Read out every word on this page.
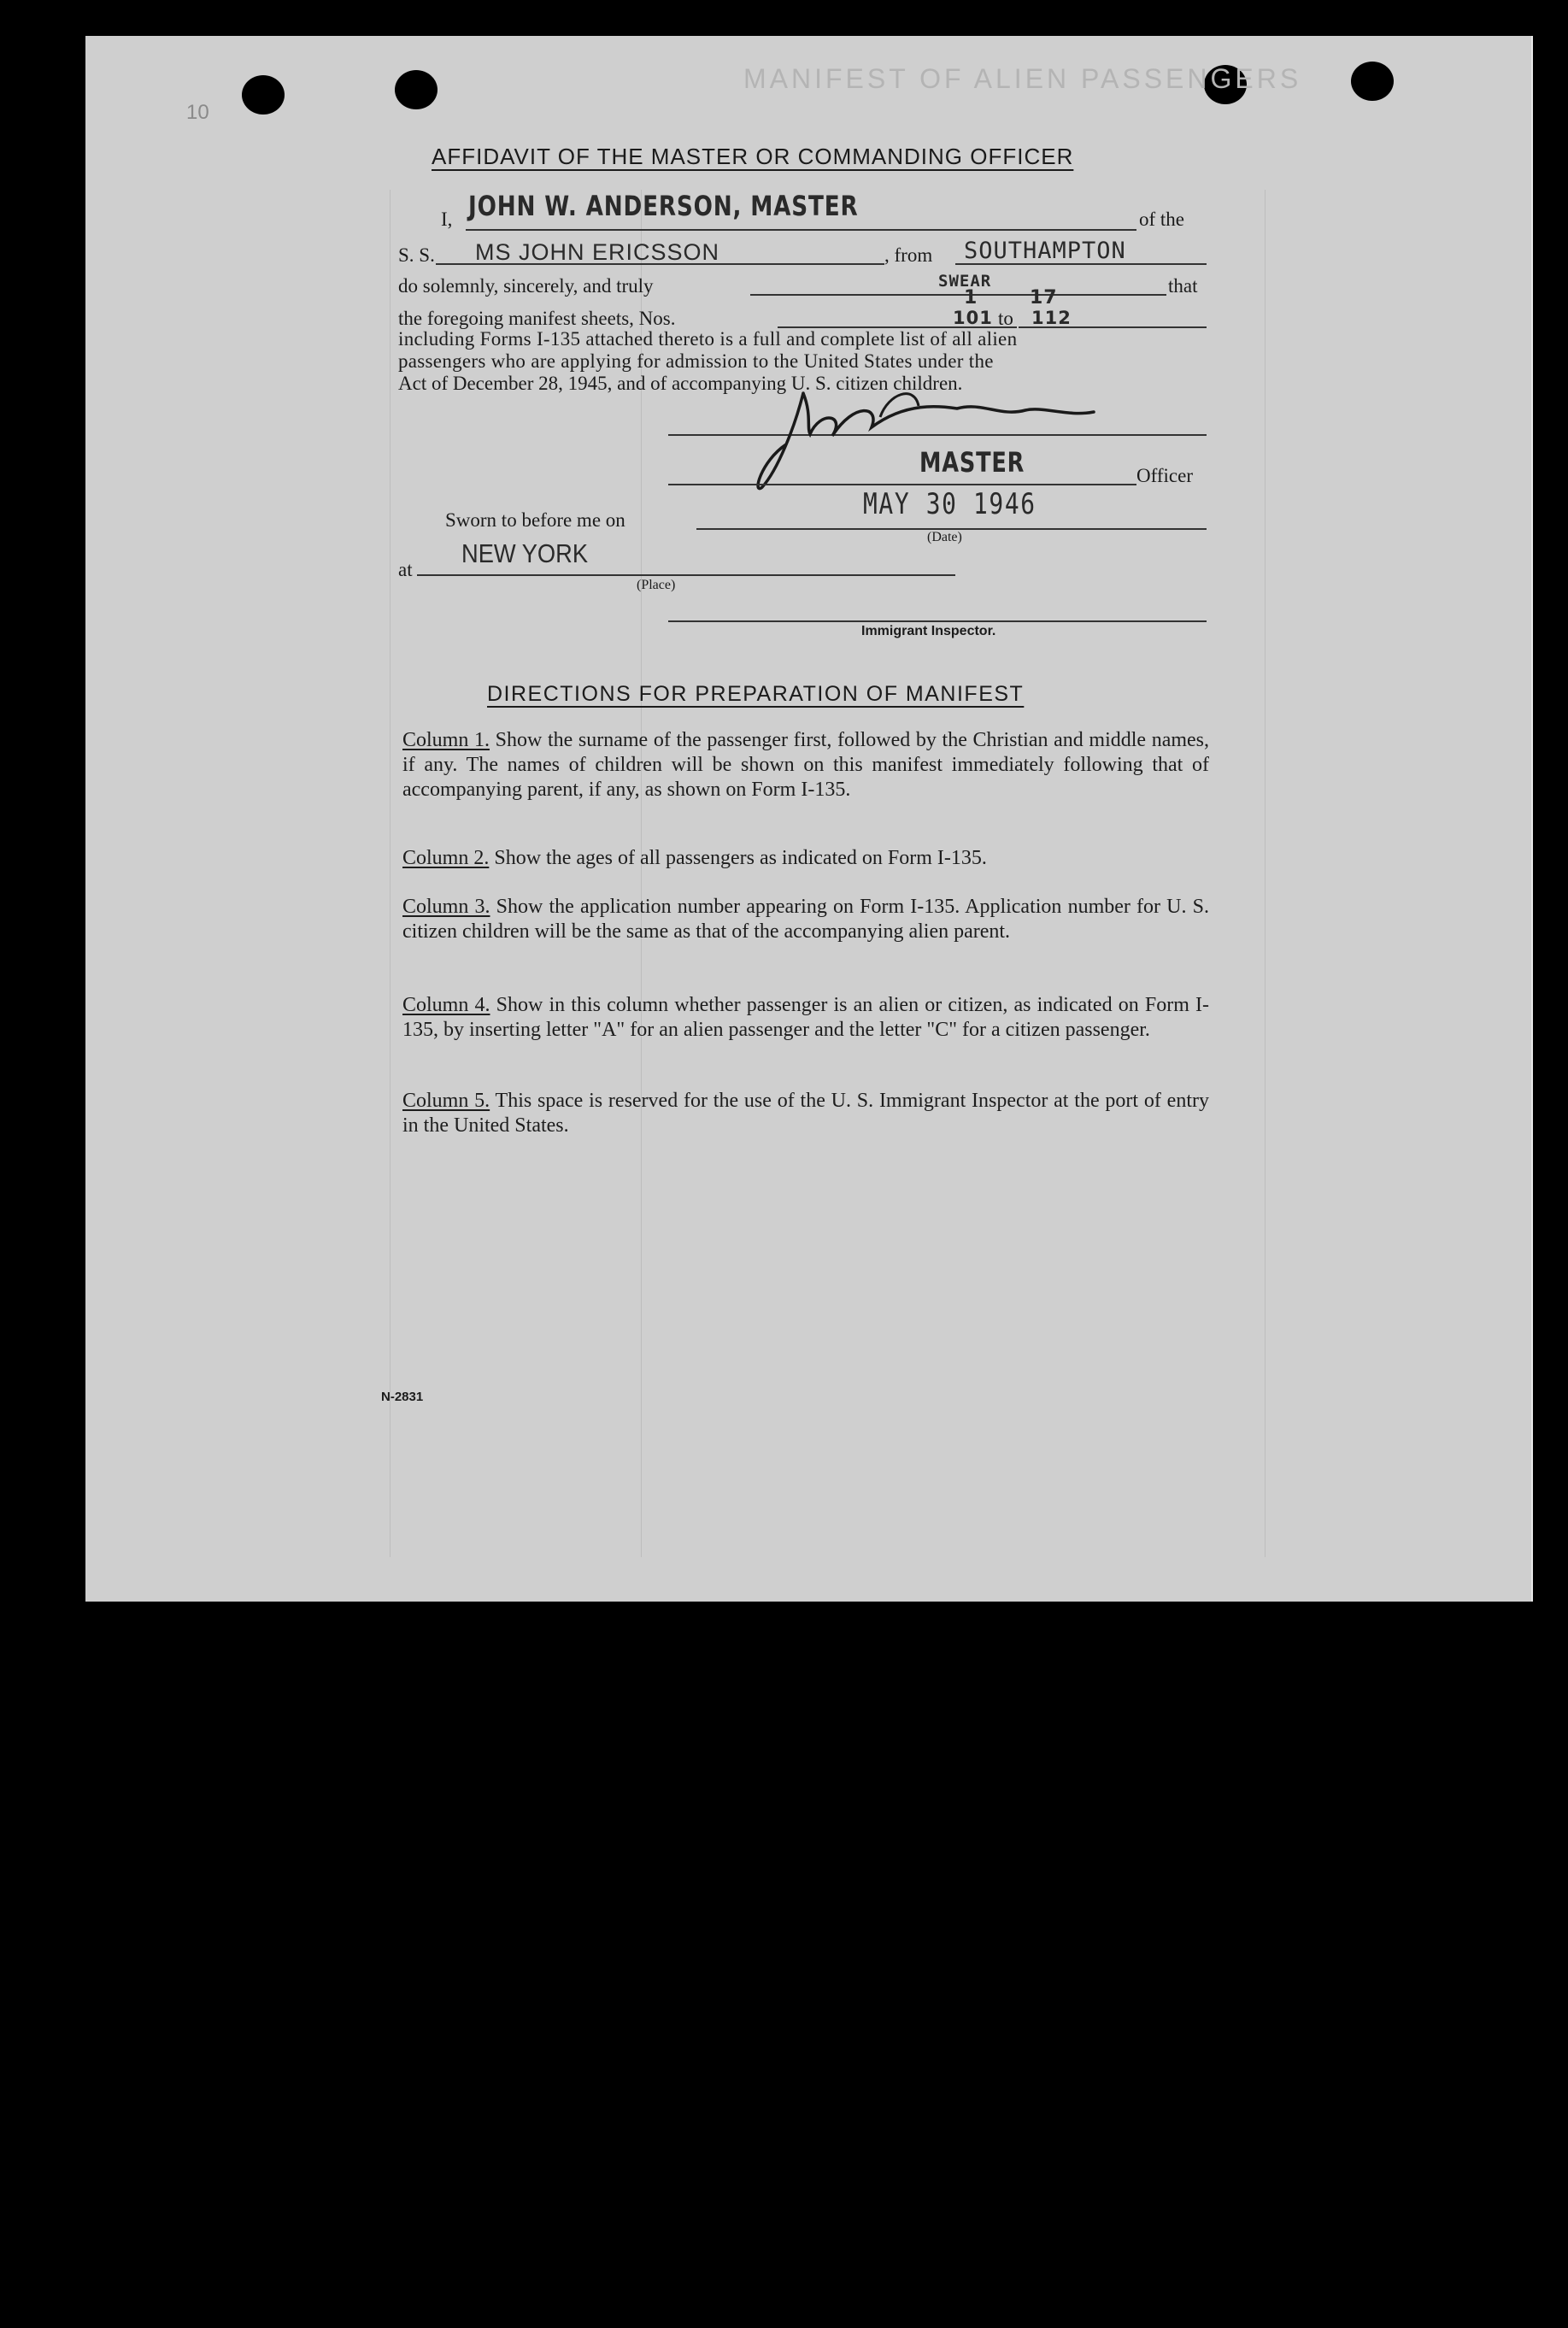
MANIFEST OF ALIEN PASSENGERS
10
AFFIDAVIT OF THE MASTER OR COMMANDING OFFICER
I, JOHN W. ANDERSON, MASTER	of the
S. S. MS JOHN ERICSSON	, from SOUTHAMPTON
do solemnly, sincerely, and truly	SWEAR	that
the foregoing manifest sheets, Nos.
1
101 to
17
112
including Forms I-135 attached thereto is a full and complete list of all alien
passengers who are applying for admission to the United States under the
Act of December 28, 1945, and of accompanying U. S. citizen children.
MASTER	Officer
Sworn to before me on	MAY 30 1946
(Date)
at
NEW YORK
(Place)
Immigrant Inspector.
DIRECTIONS FOR PREPARATION OF MANIFEST
Column 1. Show the surname of the passenger first, followed by the Christian and middle names, if any. The names of children will be shown on this manifest immediately following that of accompanying parent, if any, as shown on Form I-135.
Column 2. Show the ages of all passengers as indicated on Form I-135.
Column 3. Show the application number appearing on Form I-135. Application number for U. S. citizen children will be the same as that of the accompanying alien parent.
Column 4. Show in this column whether passenger is an alien or citizen, as indicated on Form I-135, by inserting letter "A" for an alien passenger and the letter "C" for a citizen passenger.
Column 5. This space is reserved for the use of the U. S. Immigrant Inspector at the port of entry in the United States.
N-2831
